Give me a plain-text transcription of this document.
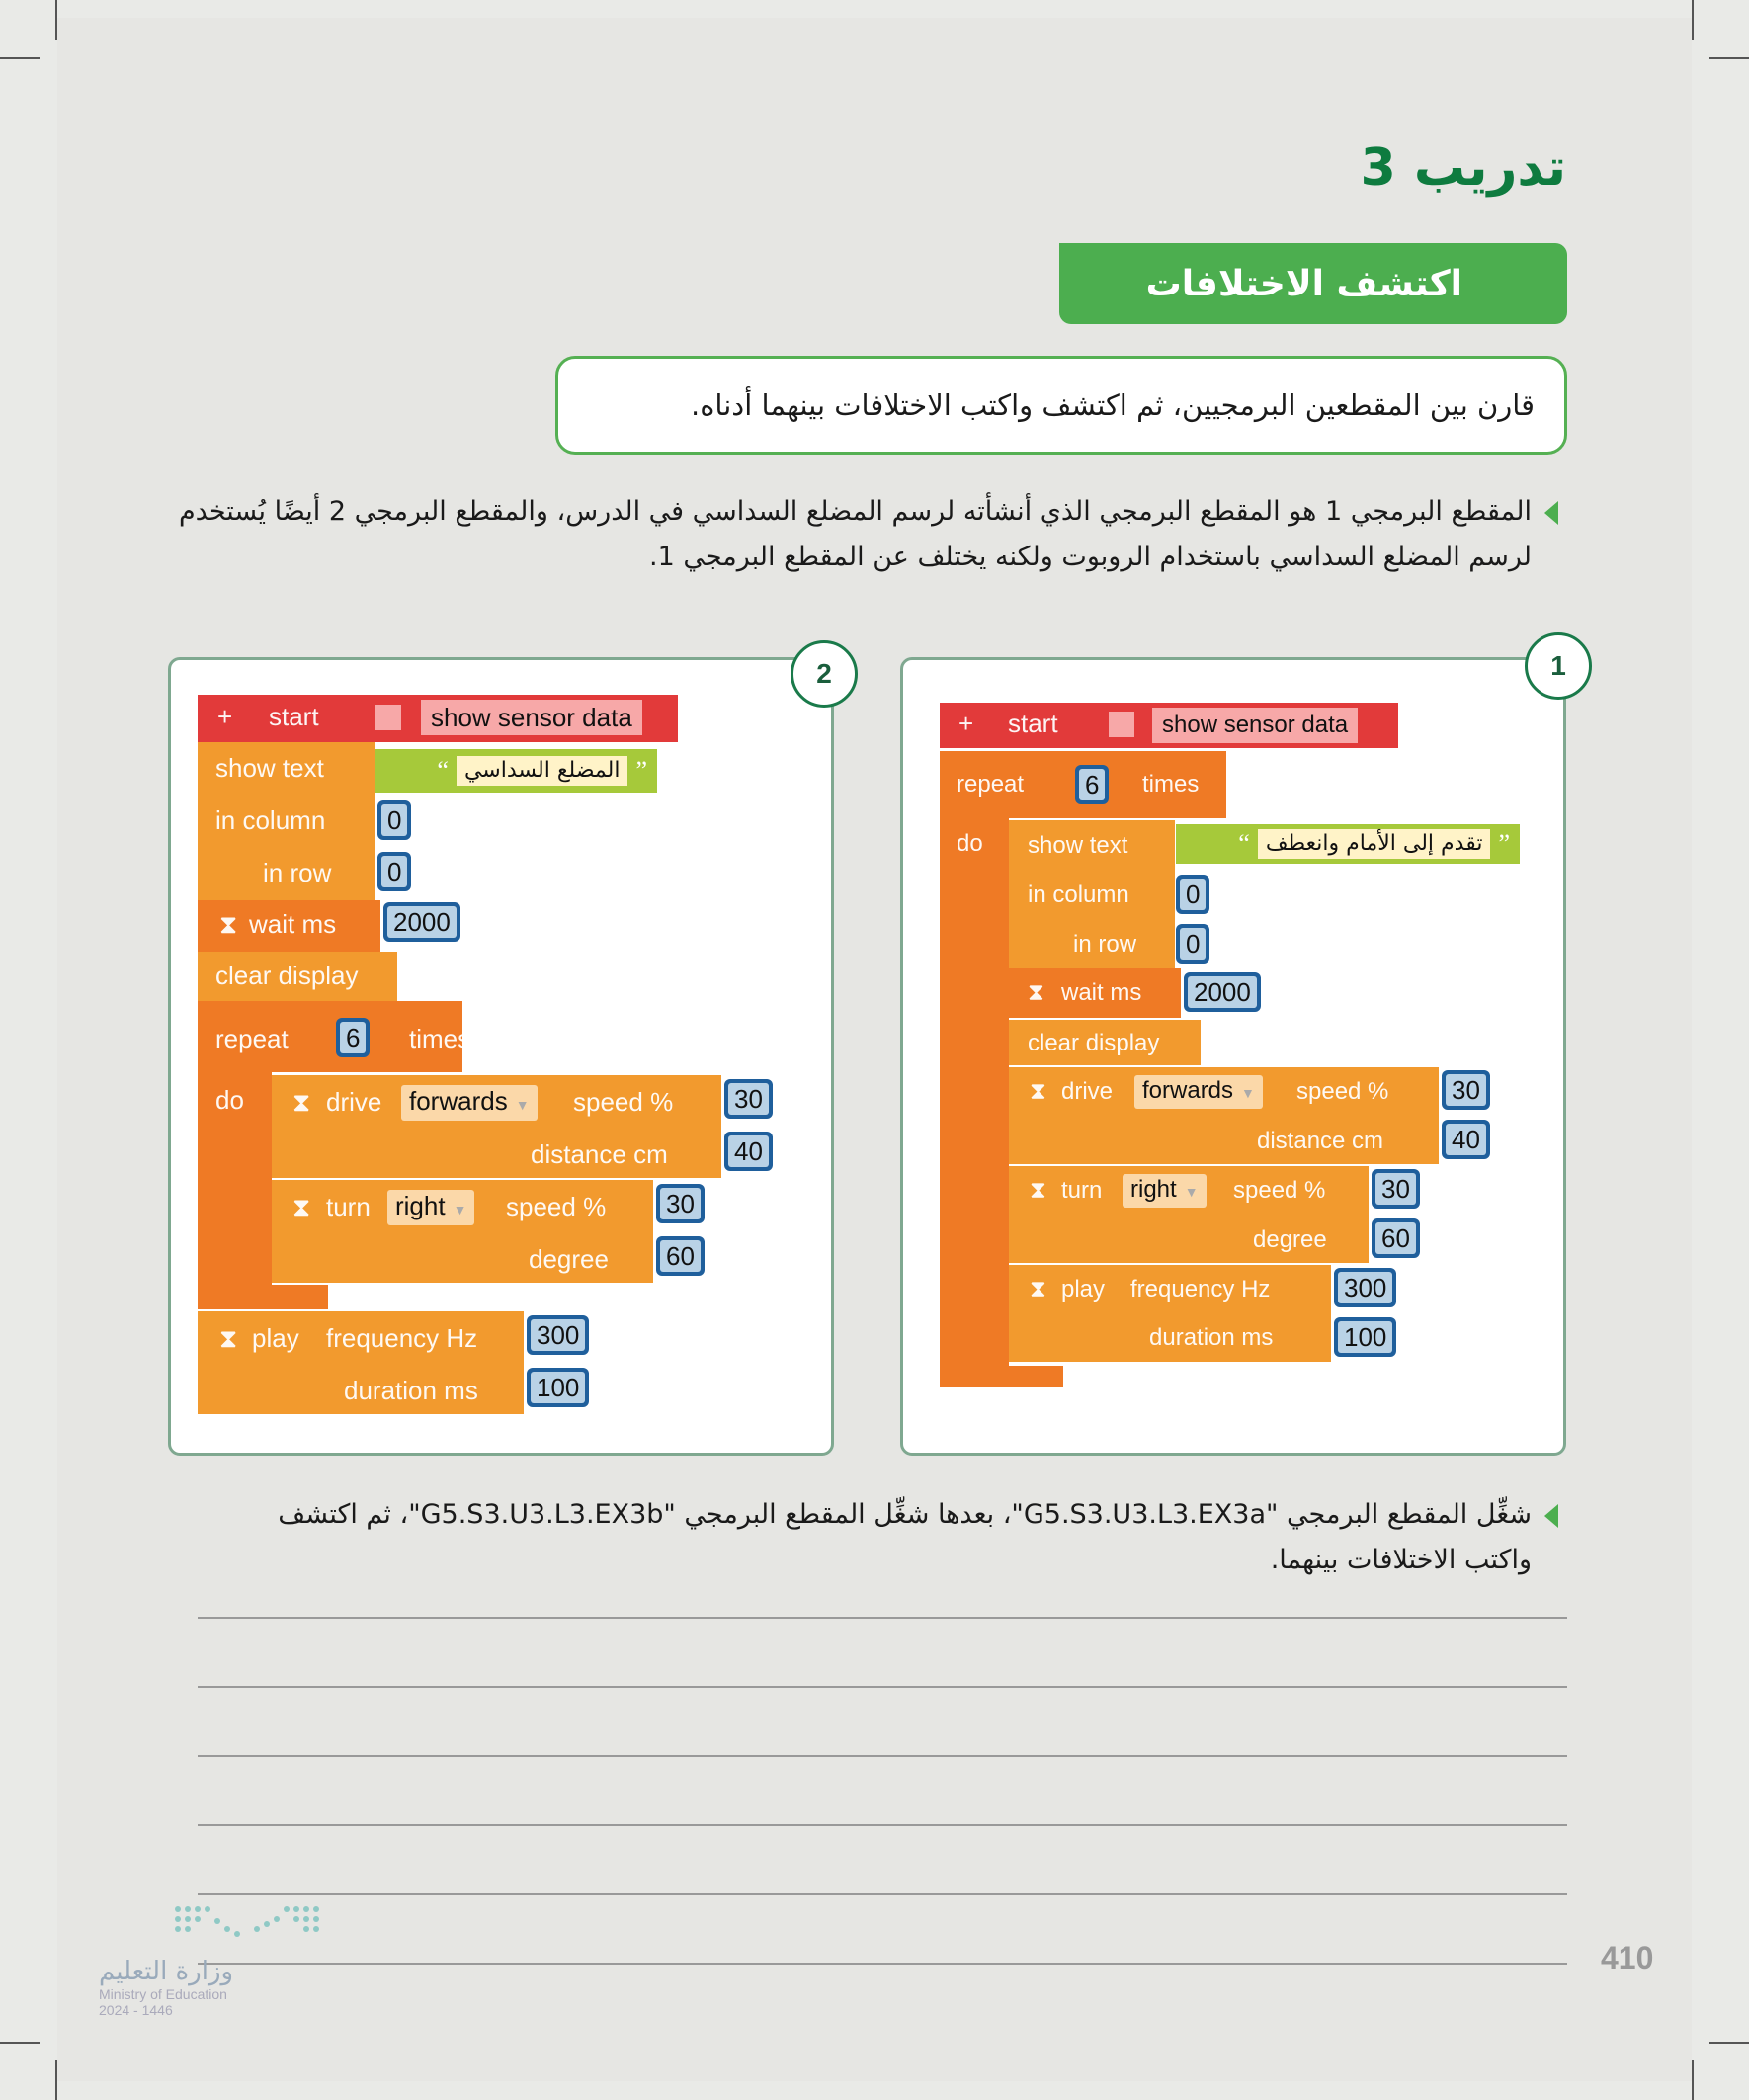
تدريب 3
اكتشف الاختلافات
قارن بين المقطعين البرمجيين، ثم اكتشف واكتب الاختلافات بينهما أدناه.
المقطع البرمجي 1 هو المقطع البرمجي الذي أنشأته لرسم المضلع السداسي في الدرس، والمقطع البرمجي 2 أيضًا يُستخدم
لرسم المضلع السداسي باستخدام الروبوت ولكنه يختلف عن المقطع البرمجي 1.
2	1
+ start	show sensor data
show text	”
المضلع السداسي
“
in column 0
in row 0
⧗ wait ms 2000
clear display
repeat 6 times
do ⧗ drive	forwards ▼	speed % 30
distance cm	40
⧗ turn right ▼	speed % 30
degree 60
⧗ play frequency Hz 300
duration ms 100
+ start	show sensor data
repeat 6 times
do show text	”
تقدم إلى الأمام وانعطف
“
in column 0
in row 0
⧗ wait ms 2000
clear display
⧗ drive	forwards ▼	speed % 30
distance cm	40
⧗ turn	right ▼	speed % 30
degree 60
⧗ play frequency Hz	300
duration ms	100
شغِّل المقطع البرمجي "G5.S3.U3.L3.EX3a"، بعدها شغِّل المقطع البرمجي "G5.S3.U3.L3.EX3b"، ثم اكتشف
واكتب الاختلافات بينهما.
410
وزارة التعليم
Ministry of Education
2024 - 1446
